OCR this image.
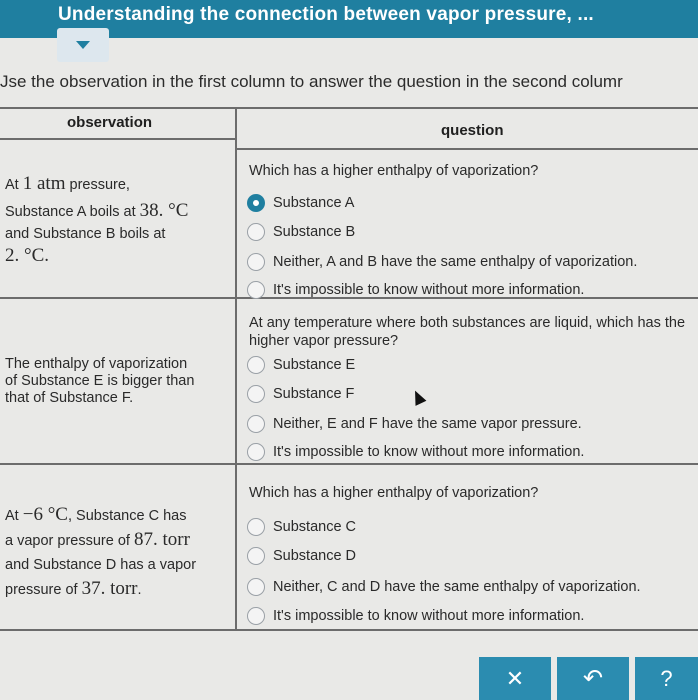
Understanding the connection between vapor pressure, ...
Jse the observation in the first column to answer the question in the second columr
observation	question
At 1 atm pressure,
Substance A boils at 38. °C
and Substance B boils at
2. °C.
Which has a higher enthalpy of vaporization?
Substance A
Substance B
Neither, A and B have the same enthalpy of vaporization.
It's impossible to know without more information.
The enthalpy of vaporization
of Substance E is bigger than
that of Substance F.
At any temperature where both substances are liquid, which has the higher vapor pressure?
Substance E
Substance F
Neither, E and F have the same vapor pressure.
It's impossible to know without more information.
At −6 °C, Substance C has
a vapor pressure of 87. torr
and Substance D has a vapor
pressure of 37. torr.
Which has a higher enthalpy of vaporization?
Substance C
Substance D
Neither, C and D have the same enthalpy of vaporization.
It's impossible to know without more information.
✕ ↶	?
